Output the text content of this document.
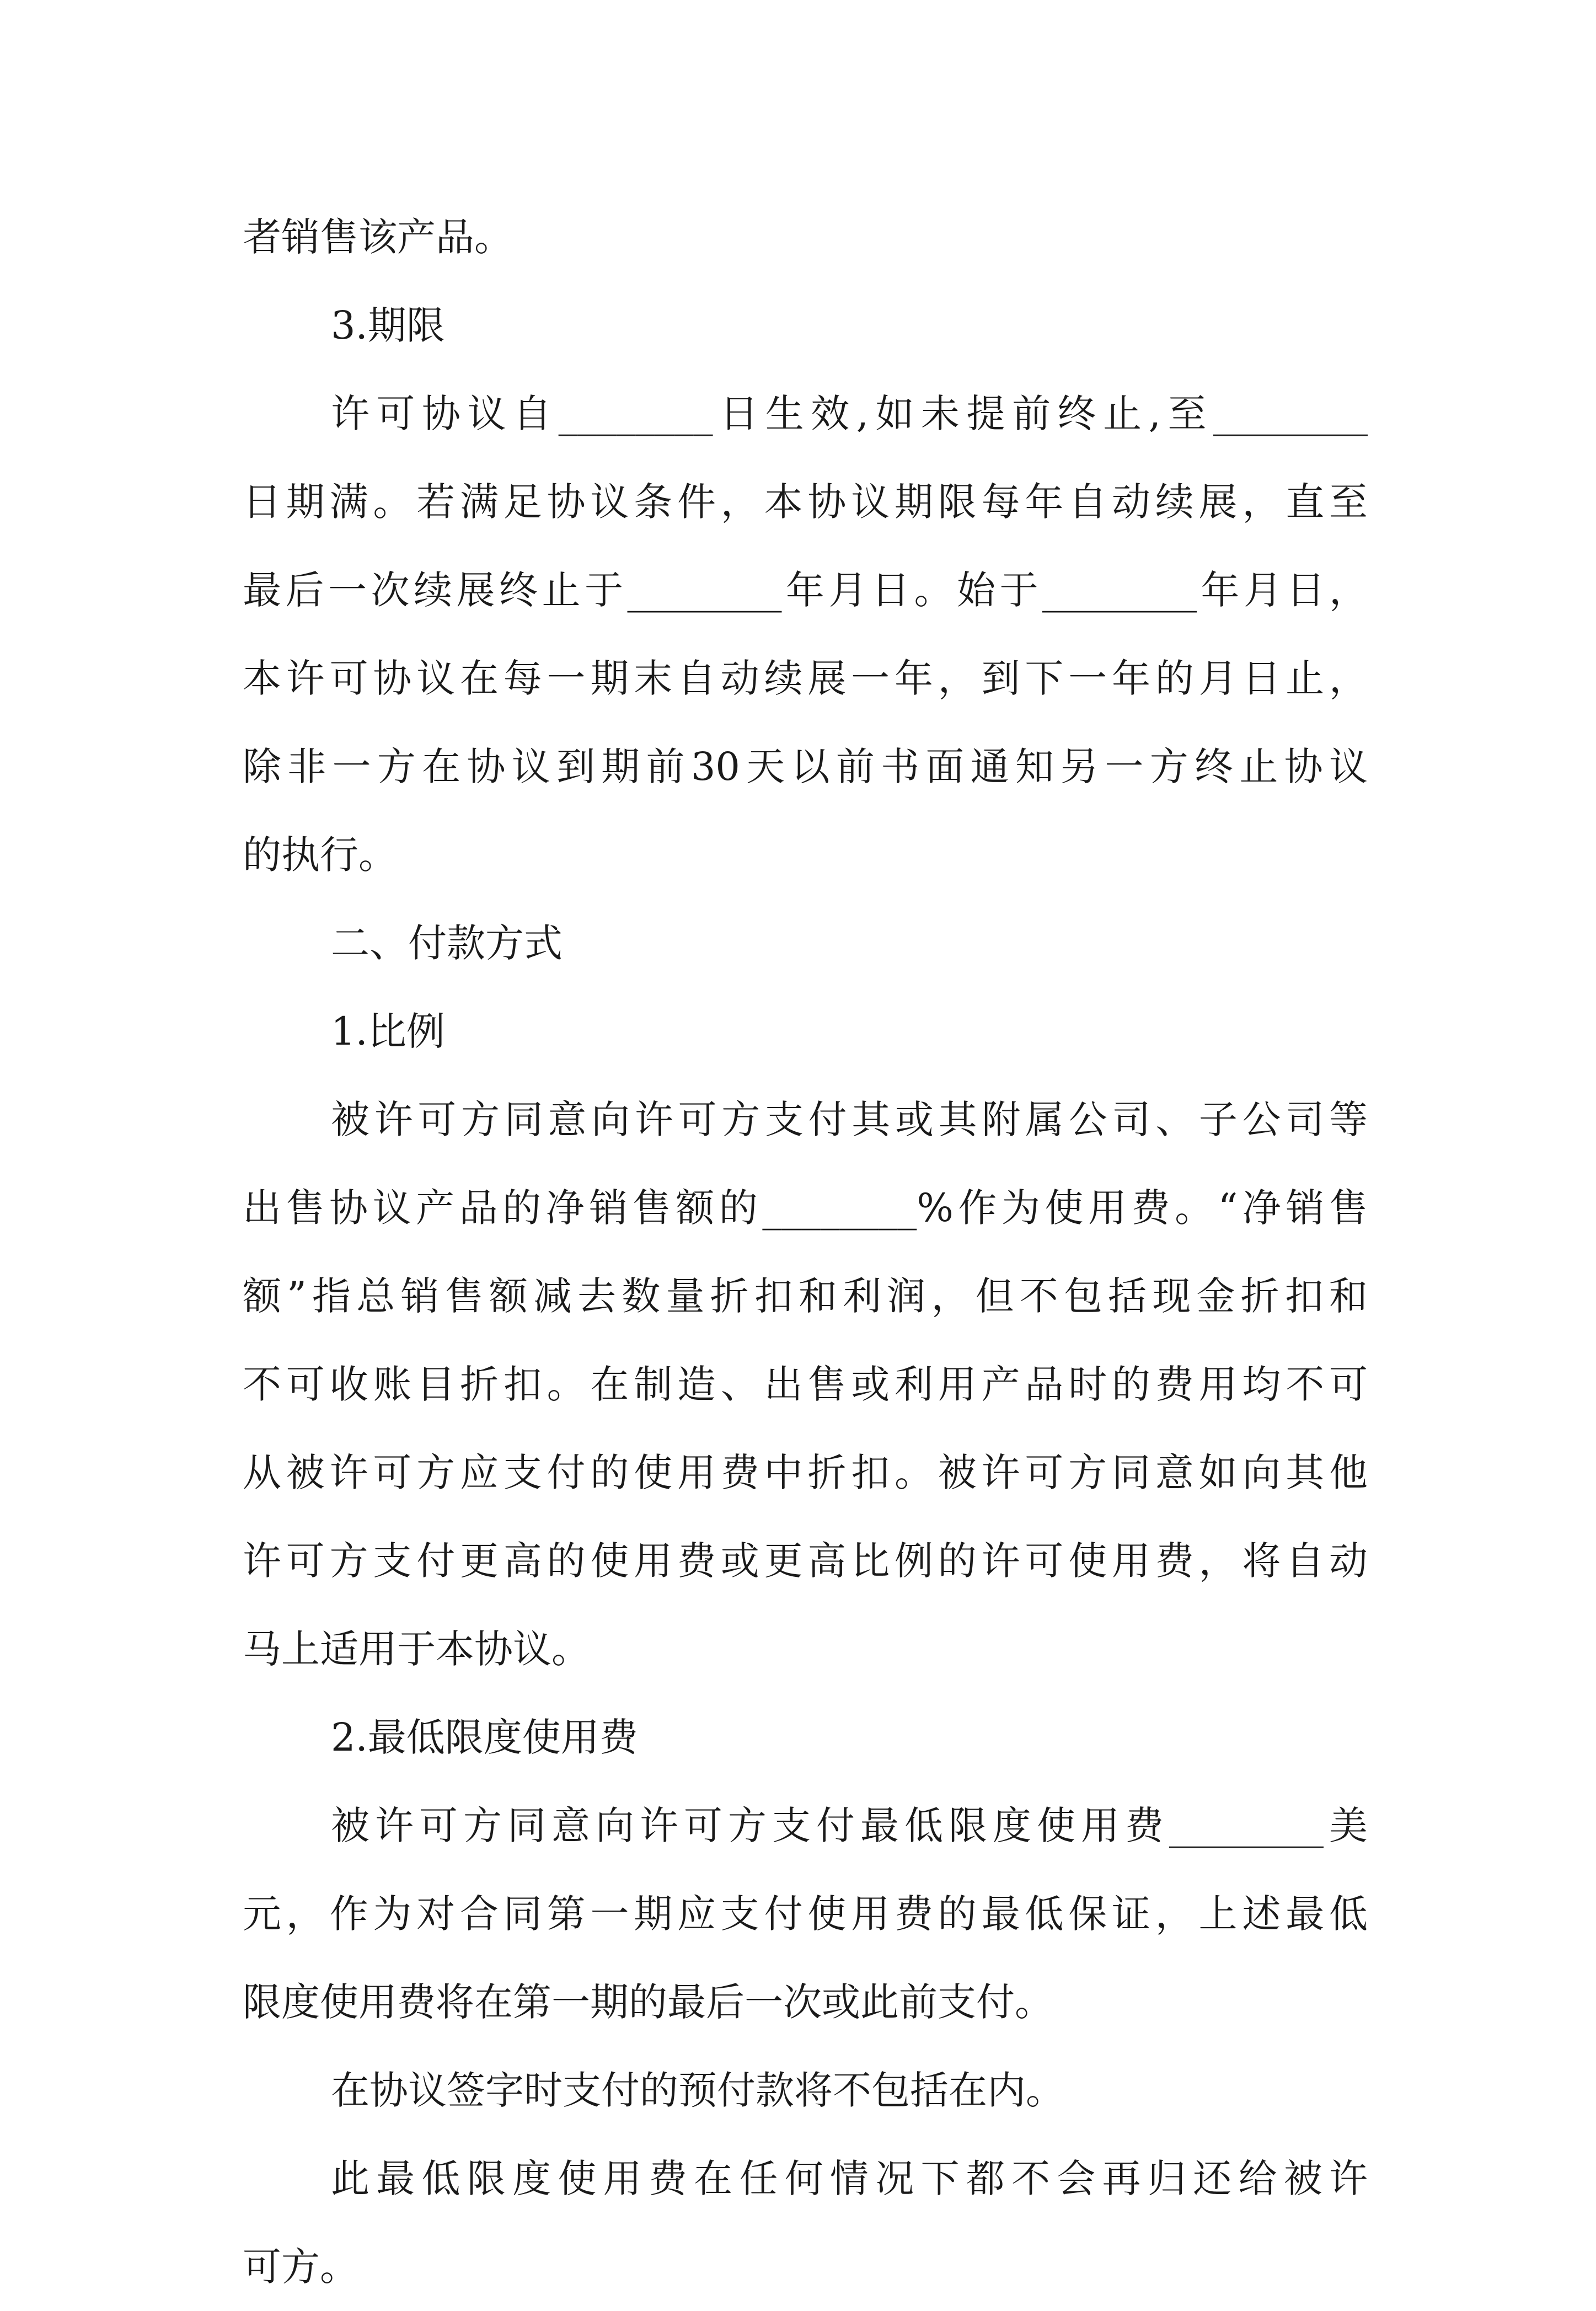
者销售该产品。
3.期限
许可协议自________日生效,如未提前终止,至________
日期满。若满足协议条件，本协议期限每年自动续展，直至
最后一次续展终止于________年月日。始于________年月日，
本许可协议在每一期末自动续展一年，到下一年的月日止，
除非一方在协议到期前30天以前书面通知另一方终止协议
的执行。
二、付款方式
1.比例
被许可方同意向许可方支付其或其附属公司、子公司等
出售协议产品的净销售额的________%作为使用费。“净销售
额”指总销售额减去数量折扣和利润，但不包括现金折扣和
不可收账目折扣。在制造、出售或利用产品时的费用均不可
从被许可方应支付的使用费中折扣。被许可方同意如向其他
许可方支付更高的使用费或更高比例的许可使用费，将自动
马上适用于本协议。
2.最低限度使用费
被许可方同意向许可方支付最低限度使用费________美
元，作为对合同第一期应支付使用费的最低保证，上述最低
限度使用费将在第一期的最后一次或此前支付。
在协议签字时支付的预付款将不包括在内。
此最低限度使用费在任何情况下都不会再归还给被许
可方。
